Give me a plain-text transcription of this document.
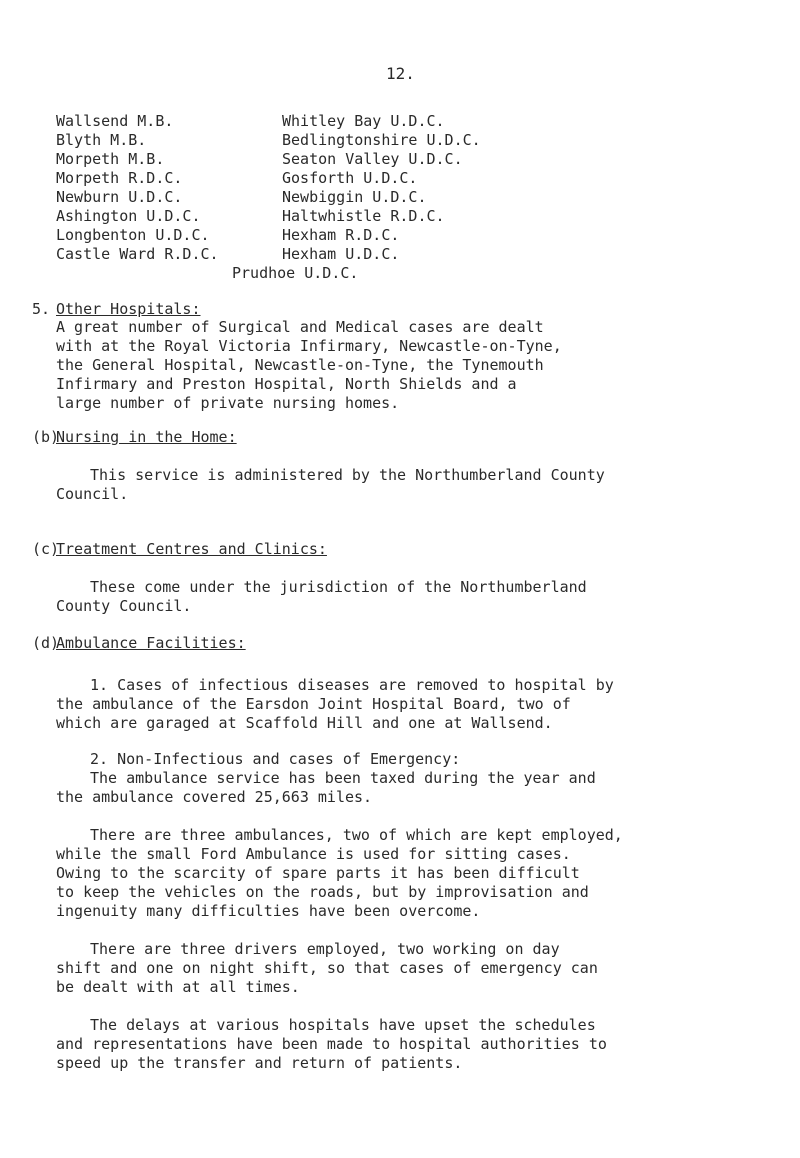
12.
Wallsend M.B.
Blyth M.B.
Morpeth M.B.
Morpeth R.D.C.
Newburn U.D.C.
Ashington U.D.C.
Longbenton U.D.C.
Castle Ward R.D.C.
Whitley Bay U.D.C.
Bedlingtonshire U.D.C.
Seaton Valley U.D.C.
Gosforth U.D.C.
Newbiggin U.D.C.
Haltwhistle R.D.C.
Hexham R.D.C.
Hexham U.D.C.
Prudhoe U.D.C.
5. Other Hospitals:
A great number of Surgical and Medical cases are dealt
with at the Royal Victoria Infirmary, Newcastle-on-Tyne,
the General Hospital, Newcastle-on-Tyne, the Tynemouth
Infirmary and Preston Hospital, North Shields and a
large number of private nursing homes.
(b)Nursing in the Home:
This service is administered by the Northumberland County
Council.
(c)Treatment Centres and Clinics:
These come under the jurisdiction of the Northumberland
County Council.
(d)Ambulance Facilities:
1. Cases of infectious diseases are removed to hospital by
the ambulance of the Earsdon Joint Hospital Board, two of
which are garaged at Scaffold Hill and one at Wallsend.
2. Non-Infectious and cases of Emergency:
The ambulance service has been taxed during the year and
the ambulance covered 25,663 miles.
There are three ambulances, two of which are kept employed,
while the small Ford Ambulance is used for sitting cases.
Owing to the scarcity of spare parts it has been difficult
to keep the vehicles on the roads, but by improvisation and
ingenuity many difficulties have been overcome.
There are three drivers employed, two working on day
shift and one on night shift, so that cases of emergency can
be dealt with at all times.
The delays at various hospitals have upset the schedules
and representations have been made to hospital authorities to
speed up the transfer and return of patients.
